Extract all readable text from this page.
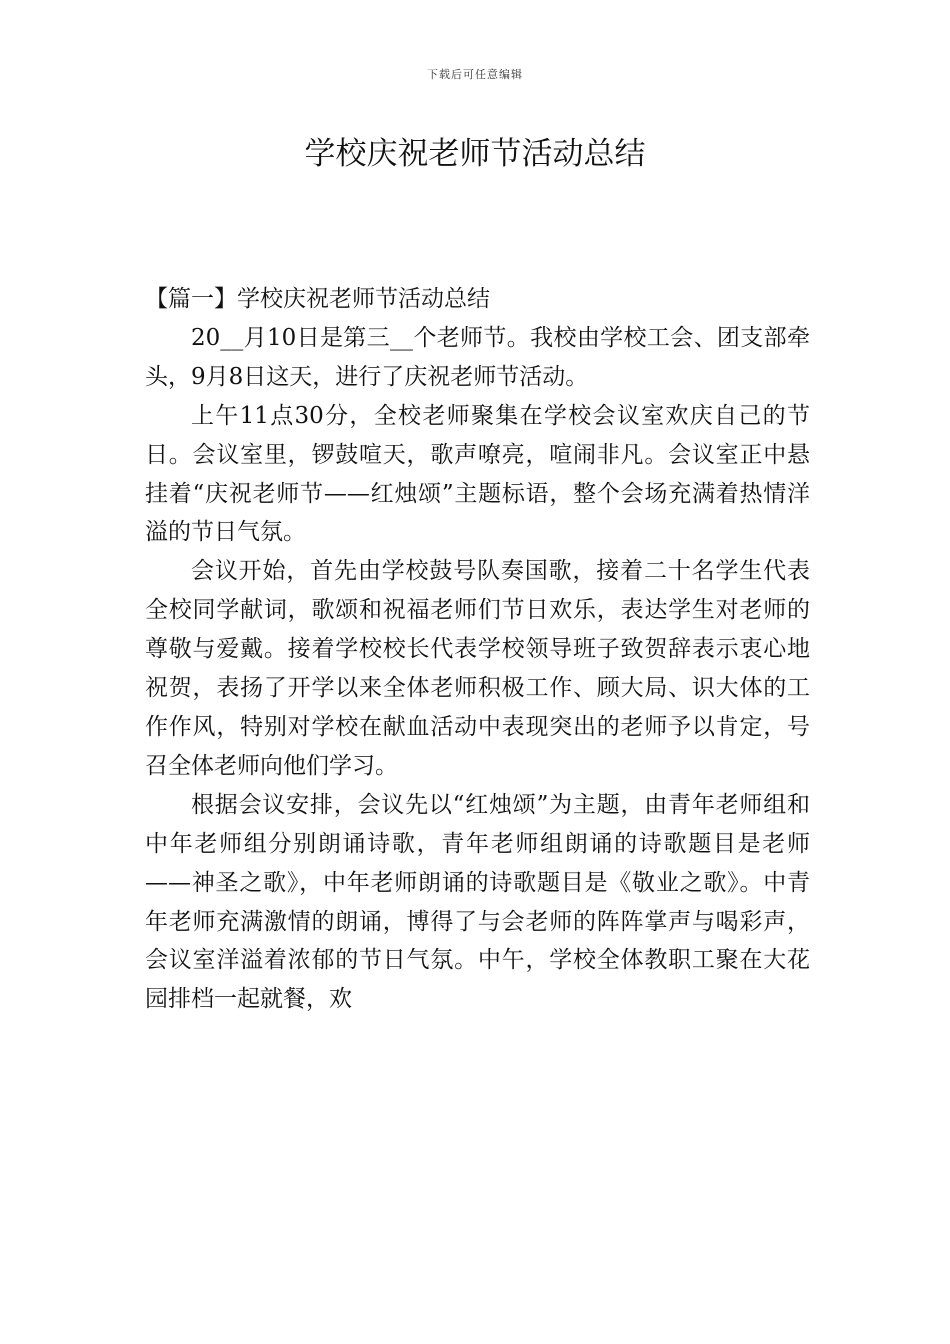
下载后可任意编辑
学校庆祝老师节活动总结

【篇一】学校庆祝老师节活动总结

20__月10日是第三__个老师节。我校由学校工会、团支部牵头，9月8日这天，进行了庆祝老师节活动。

上午11点30分，全校老师聚集在学校会议室欢庆自己的节日。会议室里，锣鼓喧天，歌声嘹亮，喧闹非凡。会议室正中悬挂着“庆祝老师节——红烛颂”主题标语，整个会场充满着热情洋溢的节日气氛。

会议开始，首先由学校鼓号队奏国歌，接着二十名学生代表全校同学献词，歌颂和祝福老师们节日欢乐，表达学生对老师的尊敬与爱戴。接着学校校长代表学校领导班子致贺辞表示衷心地祝贺，表扬了开学以来全体老师积极工作、顾大局、识大体的工作作风，特别对学校在献血活动中表现突出的老师予以肯定，号召全体老师向他们学习。

根据会议安排，会议先以“红烛颂”为主题，由青年老师组和中年老师组分别朗诵诗歌，青年老师组朗诵的诗歌题目是老师——神圣之歌》，中年老师朗诵的诗歌题目是《敬业之歌》。中青年老师充满激情的朗诵，博得了与会老师的阵阵掌声与喝彩声，会议室洋溢着浓郁的节日气氛。中午，学校全体教职工聚在大花园排档一起就餐，欢
